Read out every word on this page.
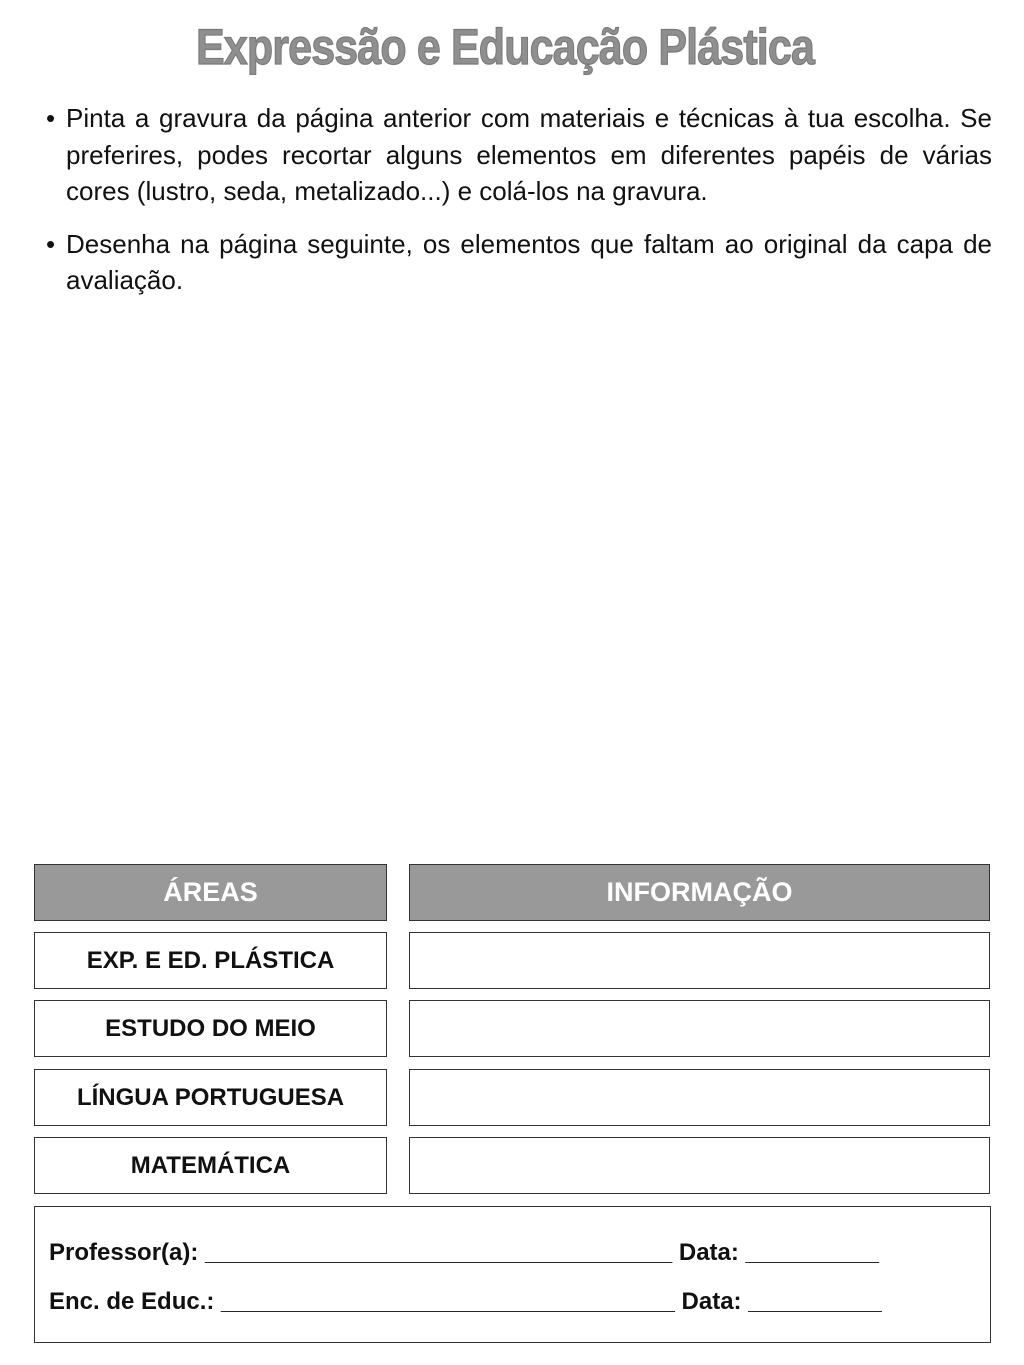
Expressão e Educação Plástica
• Pinta a gravura da página anterior com materiais e técnicas à tua escolha. Se preferires, podes recortar alguns elementos em diferentes papéis de várias cores (lustro, seda, metalizado...) e colá-los na gravura.
• Desenha na página seguinte, os elementos que faltam ao original da capa de avaliação.
ÁREAS	INFORMAÇÃO
EXP. E ED. PLÁSTICA
ESTUDO DO MEIO
LÍNGUA PORTUGUESA
MATEMÁTICA
Professor(a): ___________________________________ Data: __________
Enc. de Educ.: __________________________________ Data: __________
